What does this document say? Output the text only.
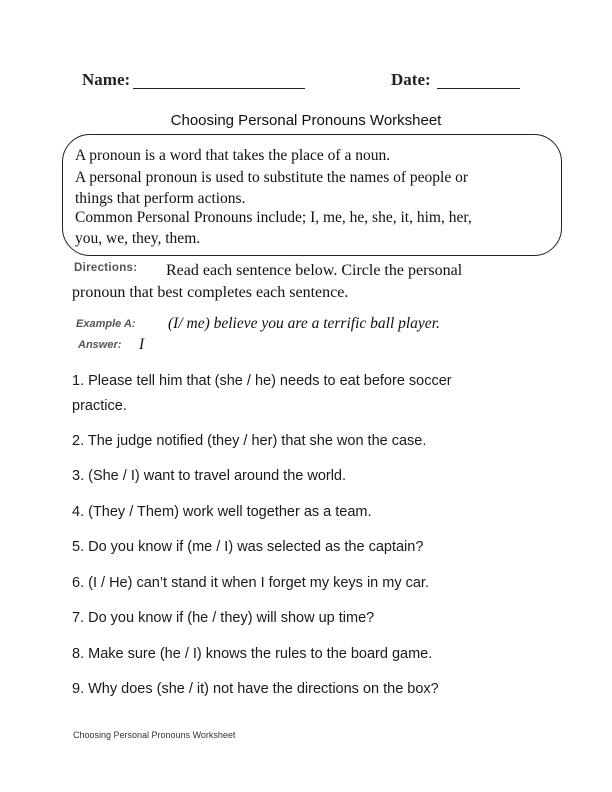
Name:	Date:
Choosing Personal Pronouns Worksheet
A pronoun is a word that takes the place of a noun.
A personal pronoun is used to substitute the names of people or
things that perform actions.
Common Personal Pronouns include; I, me, he, she, it, him, her,
you, we, they, them.
Directions: Read each sentence below. Circle the personal
pronoun that best completes each sentence.
Example A: (I/ me) believe you are a terrific ball player.
Answer: I
1. Please tell him that (she / he) needs to eat before soccer
practice.
2. The judge notified (they / her) that she won the case.
3. (She / I) want to travel around the world.
4. (They / Them) work well together as a team.
5. Do you know if (me / I) was selected as the captain?
6. (I / He) can’t stand it when I forget my keys in my car.
7. Do you know if (he / they) will show up time?
8. Make sure (he / I) knows the rules to the board game.
9. Why does (she / it) not have the directions on the box?
Choosing Personal Pronouns Worksheet
